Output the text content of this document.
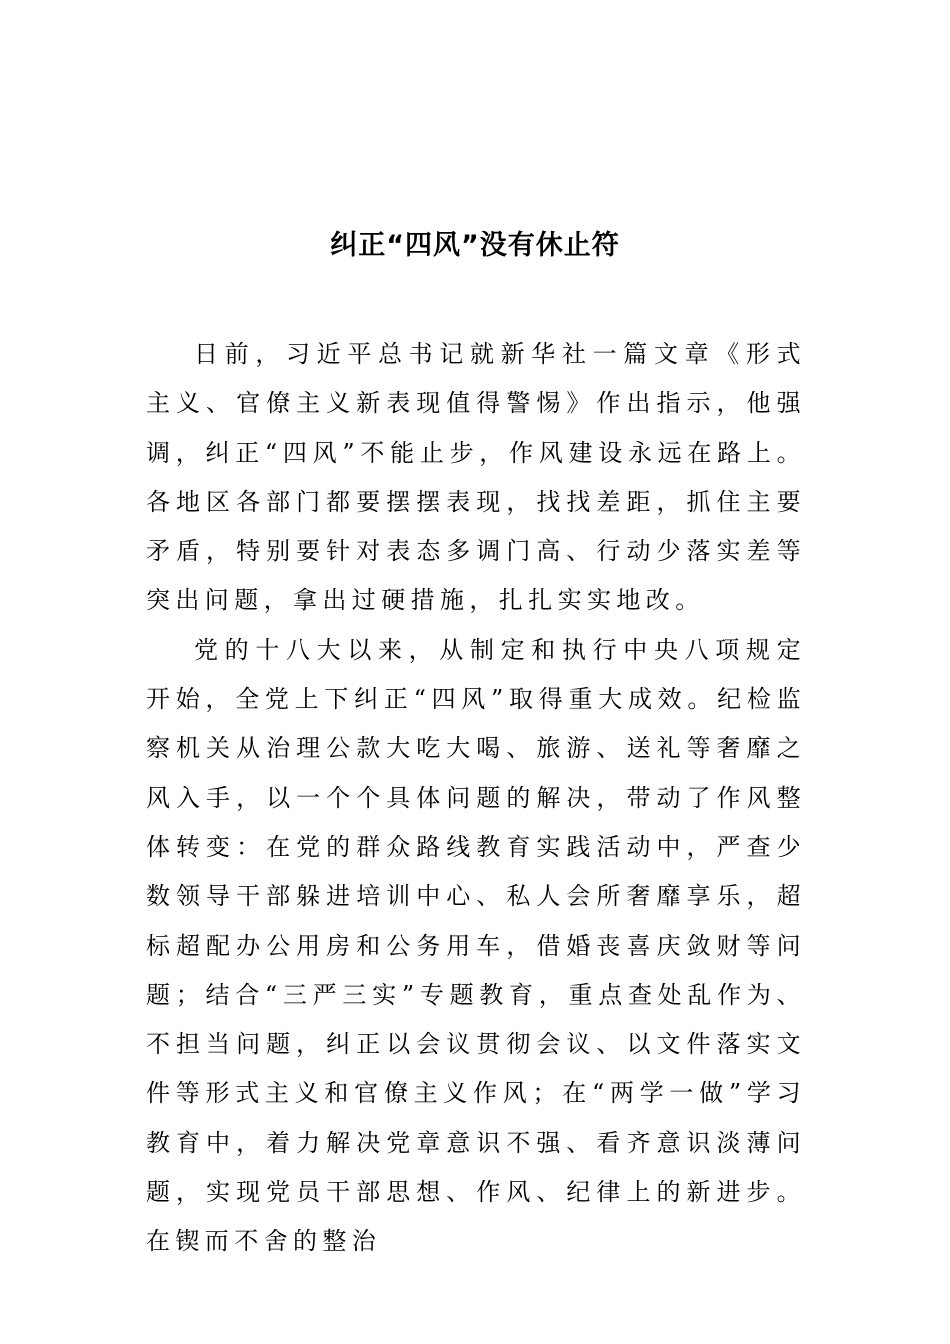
纠正“四风”没有休止符

日前，习近平总书记就新华社一篇文章《形式主义、官僚主义新表现值得警惕》作出指示，他强调，纠正“四风”不能止步，作风建设永远在路上。各地区各部门都要摆摆表现，找找差距，抓住主要矛盾，特别要针对表态多调门高、行动少落实差等突出问题，拿出过硬措施，扎扎实实地改。

党的十八大以来，从制定和执行中央八项规定开始，全党上下纠正“四风”取得重大成效。纪检监察机关从治理公款大吃大喝、旅游、送礼等奢靡之风入手，以一个个具体问题的解决，带动了作风整体转变：在党的群众路线教育实践活动中，严查少数领导干部躲进培训中心、私人会所奢靡享乐，超标超配办公用房和公务用车，借婚丧喜庆敛财等问题；结合“三严三实”专题教育，重点查处乱作为、不担当问题，纠正以会议贯彻会议、以文件落实文件等形式主义和官僚主义作风；在“两学一做”学习教育中，着力解决党章意识不强、看齐意识淡薄问题，实现党员干部思想、作风、纪律上的新进步。在锲而不舍的整治
